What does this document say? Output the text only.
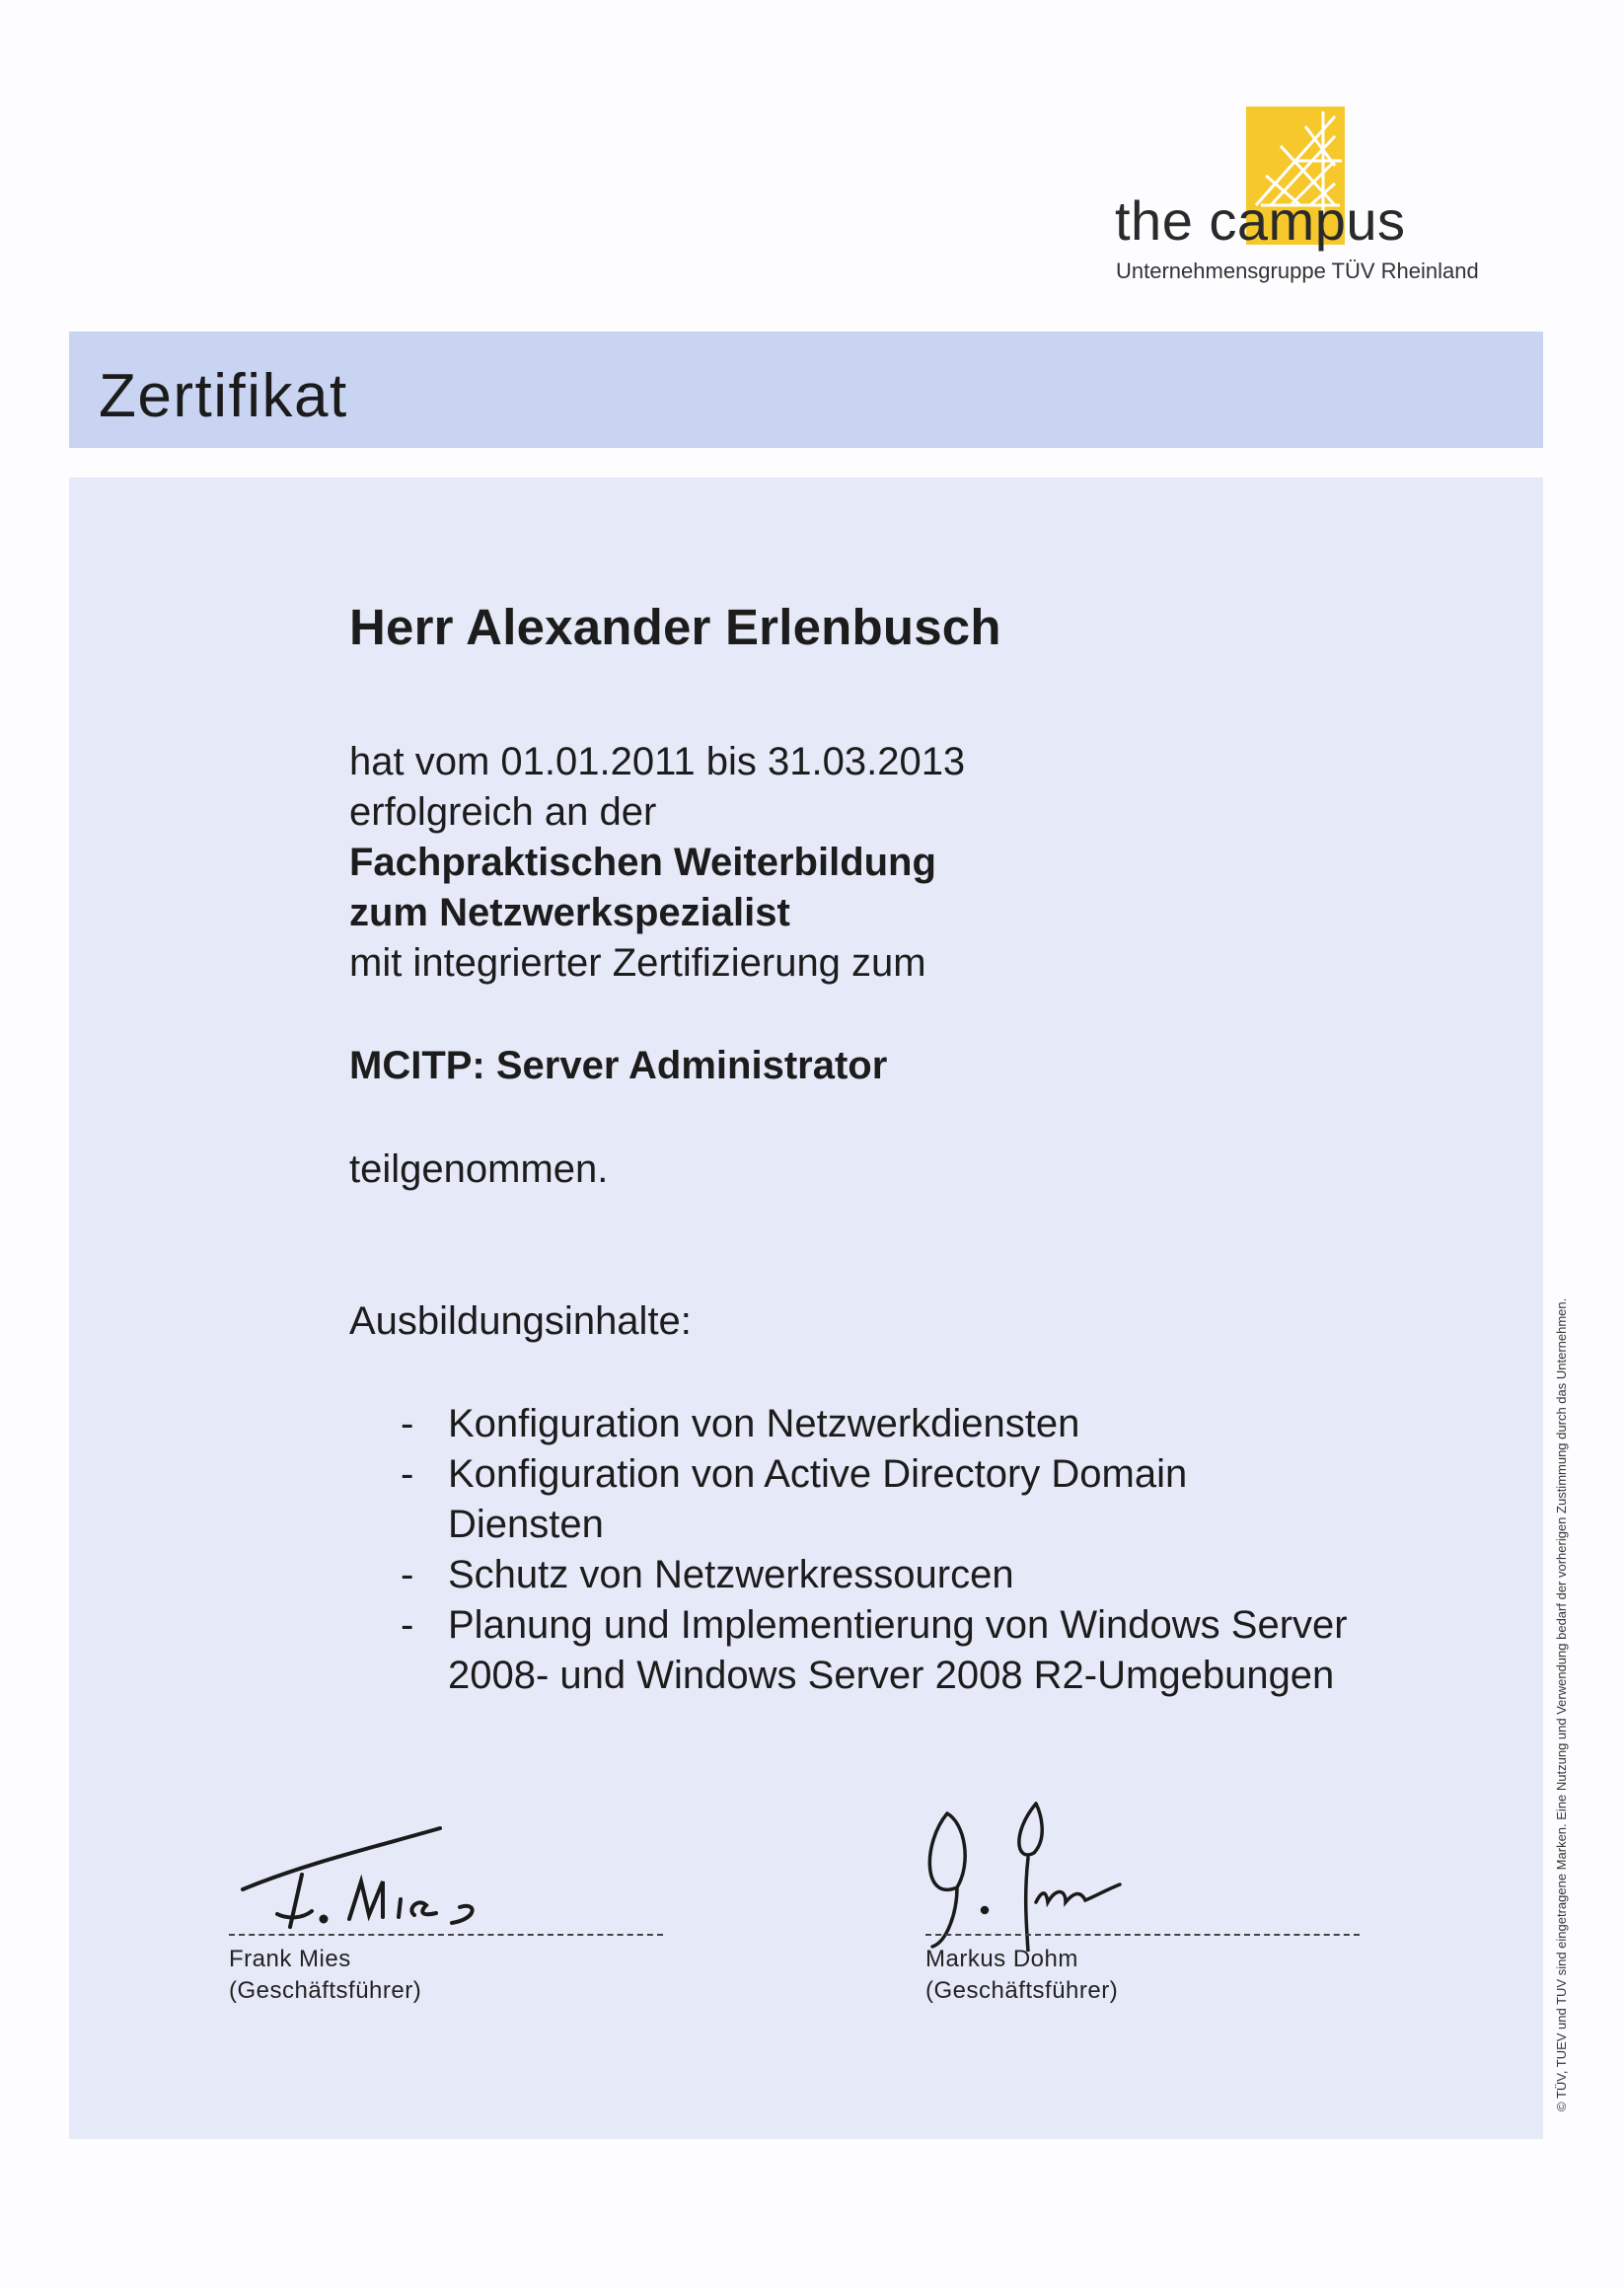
the campus
Unternehmensgruppe TÜV Rheinland
Zertifikat
Herr Alexander Erlenbusch
hat vom 01.01.2011 bis 31.03.2013
erfolgreich an der
Fachpraktischen Weiterbildung
zum Netzwerkspezialist
mit integrierter Zertifizierung zum
MCITP: Server Administrator
teilgenommen.
Ausbildungsinhalte:
- Konfiguration von Netzwerkdiensten
- Konfiguration von Active Directory Domain Diensten
- Schutz von Netzwerkressourcen
- Planung und Implementierung von Windows Server 2008- und Windows Server 2008 R2-Umgebungen
Frank Mies
(Geschäftsführer)
Markus Dohm
(Geschäftsführer)	© TÜV, TUEV und TUV sind eingetragene Marken. Eine Nutzung und Verwendung bedarf der vorherigen Zustimmung durch das Unternehmen.
